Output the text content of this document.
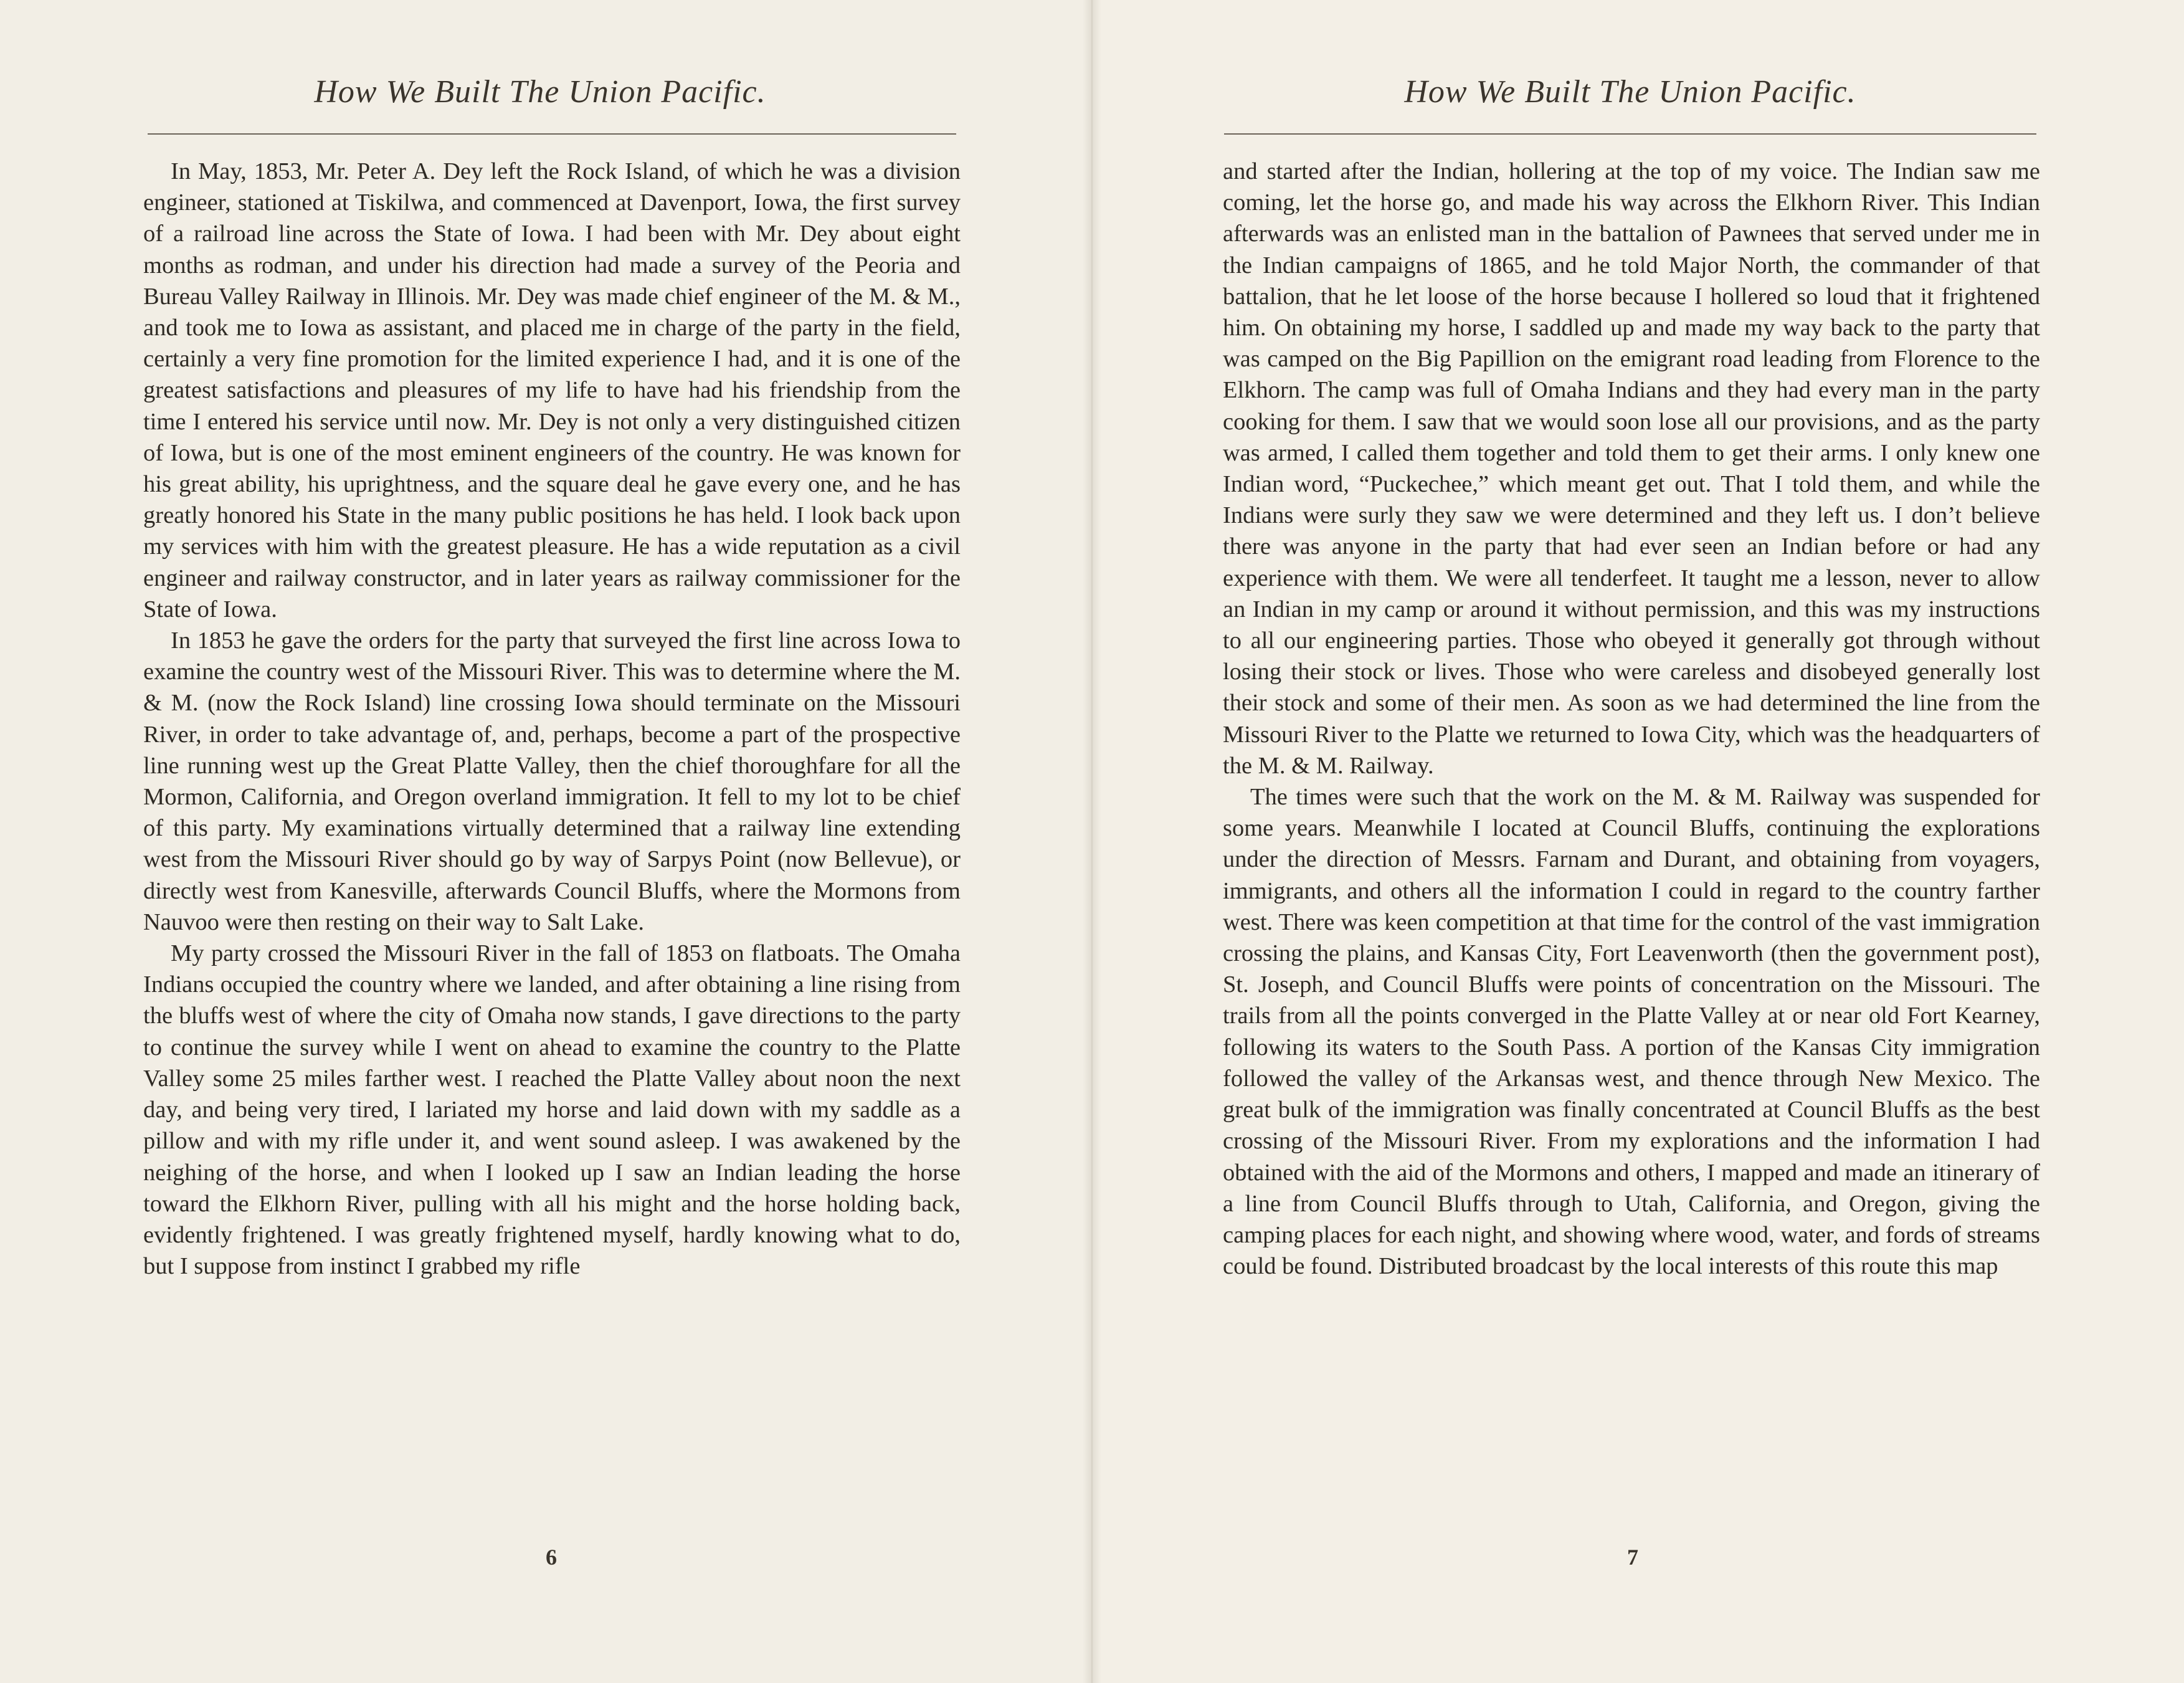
How We Built The Union Pacific.

In May, 1853, Mr. Peter A. Dey left the Rock Island, of which he was a division engineer, stationed at Tiskilwa, and commenced at Davenport, Iowa, the first survey of a railroad line across the State of Iowa. I had been with Mr. Dey about eight months as rodman, and under his direction had made a survey of the Peoria and Bureau Valley Railway in Illinois. Mr. Dey was made chief engineer of the M. & M., and took me to Iowa as assistant, and placed me in charge of the party in the field, certainly a very fine promotion for the limited experience I had, and it is one of the greatest satisfactions and pleasures of my life to have had his friendship from the time I entered his service until now. Mr. Dey is not only a very distinguished citizen of Iowa, but is one of the most eminent engineers of the country. He was known for his great ability, his uprightness, and the square deal he gave every one, and he has greatly honored his State in the many public positions he has held. I look back upon my services with him with the greatest pleasure. He has a wide reputation as a civil engineer and railway constructor, and in later years as railway commissioner for the State of Iowa.

In 1853 he gave the orders for the party that surveyed the first line across Iowa to examine the country west of the Missouri River. This was to determine where the M. & M. (now the Rock Island) line crossing Iowa should terminate on the Missouri River, in order to take advantage of, and, perhaps, become a part of the prospective line running west up the Great Platte Valley, then the chief thoroughfare for all the Mormon, California, and Oregon overland immigration. It fell to my lot to be chief of this party. My examinations virtually determined that a railway line extending west from the Missouri River should go by way of Sarpys Point (now Bellevue), or directly west from Kanesville, afterwards Council Bluffs, where the Mormons from Nauvoo were then resting on their way to Salt Lake.

My party crossed the Missouri River in the fall of 1853 on flatboats. The Omaha Indians occupied the country where we landed, and after obtaining a line rising from the bluffs west of where the city of Omaha now stands, I gave directions to the party to continue the survey while I went on ahead to examine the country to the Platte Valley some 25 miles farther west. I reached the Platte Valley about noon the next day, and being very tired, I lariated my horse and laid down with my saddle as a pillow and with my rifle under it, and went sound asleep. I was awakened by the neighing of the horse, and when I looked up I saw an Indian leading the horse toward the Elkhorn River, pulling with all his might and the horse holding back, evidently frightened. I was greatly frightened myself, hardly knowing what to do, but I suppose from instinct I grabbed my rifle

6
How We Built The Union Pacific.

and started after the Indian, hollering at the top of my voice. The Indian saw me coming, let the horse go, and made his way across the Elkhorn River. This Indian afterwards was an enlisted man in the battalion of Pawnees that served under me in the Indian campaigns of 1865, and he told Major North, the commander of that battalion, that he let loose of the horse because I hollered so loud that it frightened him. On obtaining my horse, I saddled up and made my way back to the party that was camped on the Big Papillion on the emigrant road leading from Florence to the Elkhorn. The camp was full of Omaha Indians and they had every man in the party cooking for them. I saw that we would soon lose all our provisions, and as the party was armed, I called them together and told them to get their arms. I only knew one Indian word, “Puckechee,” which meant get out. That I told them, and while the Indians were surly they saw we were determined and they left us. I don’t believe there was anyone in the party that had ever seen an Indian before or had any experience with them. We were all tenderfeet. It taught me a lesson, never to allow an Indian in my camp or around it without permission, and this was my instructions to all our engineering parties. Those who obeyed it generally got through without losing their stock or lives. Those who were careless and disobeyed generally lost their stock and some of their men. As soon as we had determined the line from the Missouri River to the Platte we returned to Iowa City, which was the headquarters of the M. & M. Railway.

The times were such that the work on the M. & M. Railway was suspended for some years. Meanwhile I located at Council Bluffs, continuing the explorations under the direction of Messrs. Farnam and Durant, and obtaining from voyagers, immigrants, and others all the information I could in regard to the country farther west. There was keen competition at that time for the control of the vast immigration crossing the plains, and Kansas City, Fort Leavenworth (then the government post), St. Joseph, and Council Bluffs were points of concentration on the Missouri. The trails from all the points converged in the Platte Valley at or near old Fort Kearney, following its waters to the South Pass. A portion of the Kansas City immigration followed the valley of the Arkansas west, and thence through New Mexico. The great bulk of the immigration was finally concentrated at Council Bluffs as the best crossing of the Missouri River. From my explorations and the information I had obtained with the aid of the Mormons and others, I mapped and made an itinerary of a line from Council Bluffs through to Utah, California, and Oregon, giving the camping places for each night, and showing where wood, water, and fords of streams could be found. Distributed broadcast by the local interests of this route this map

7
